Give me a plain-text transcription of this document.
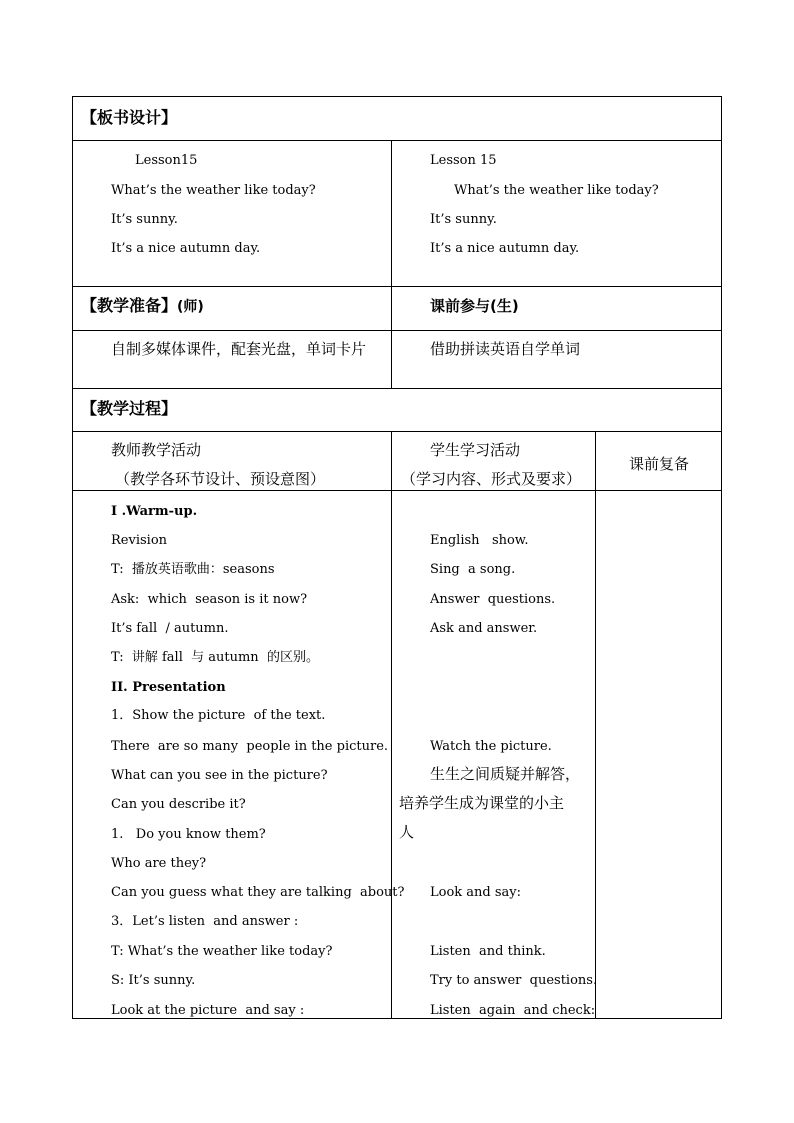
【板书设计】
Lesson15
What’s the weather like today?
It’s sunny.
It’s a nice autumn day.
Lesson 15
What’s the weather like today?
It’s sunny.
It’s a nice autumn day.
【教学准备】(师)	课前参与(生)
自制多媒体课件，配套光盘，单词卡片	借助拼读英语自学单词
【教学过程】
教师教学活动
（教学各环节设计、预设意图）
学生学习活动
（学习内容、形式及要求）
课前复备
I .Warm-up.
Revision
T:  播放英语歌曲：seasons
Ask:  which  season is it now?
It’s fall  / autumn.
T:  讲解 fall  与 autumn  的区别。
II. Presentation
1．Show the picture  of the text.
There  are so many  people in the picture.
What can you see in the picture?
Can you describe it?
1.   Do you know them?
Who are they?
Can you guess what they are talking  about?
3．Let’s listen  and answer :
T: What’s the weather like today?
S: It’s sunny.
Look at the picture  and say :
English   show.
Sing  a song.
Answer  questions.
Ask and answer.
Watch the picture.
生生之间质疑并解答，
培养学生成为课堂的小主
人
Look and say:
Listen  and think.
Try to answer  questions.
Listen  again  and check:
